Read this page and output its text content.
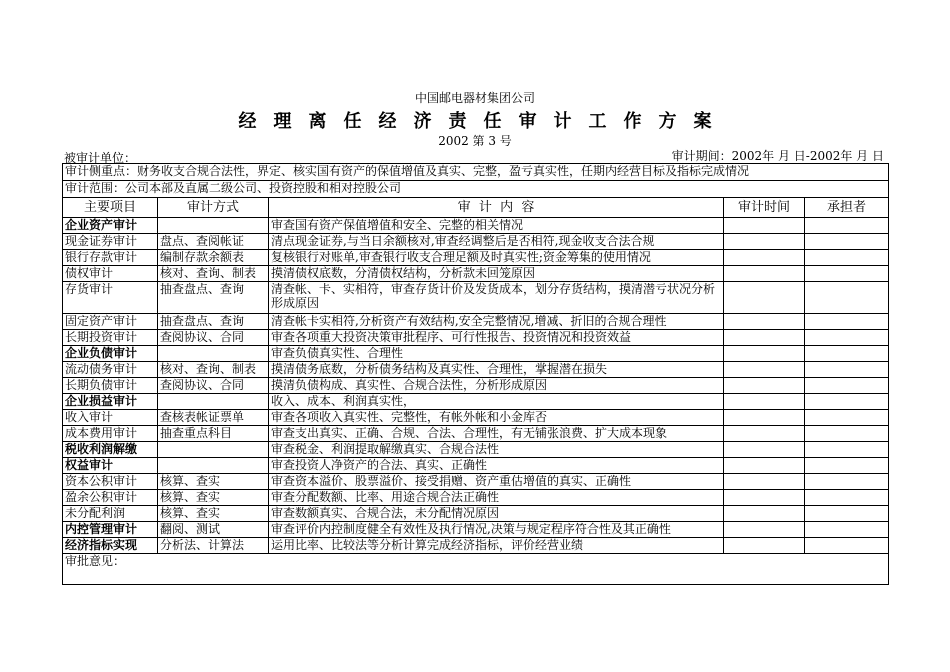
中国邮电器材集团公司
经理离任经济责任审计工作方案
2002 第 3 号
被审计单位：	审计期间：2002年 月 日-2002年 月 日
审计侧重点：财务收支合规合法性，界定、核实国有资产的保值增值及真实、完整，盈亏真实性，任期内经营目标及指标完成情况				
审计范围：公司本部及直属二级公司、投资控股和相对控股公司				
主要项目	审计方式	审  计  内  容	审计时间	承担者
企业资产审计		审查国有资产保值增值和安全、完整的相关情况		
现金证券审计	盘点、查阅帐证	清点现金证券,与当日余额核对,审查经调整后是否相符,现金收支合法合规		
银行存款审计	编制存款余额表	复核银行对账单,审查银行收支合理足额及时真实性;资金筹集的使用情况		
债权审计	核对、查询、制表	摸清债权底数，分清债权结构，分析款未回笼原因		
存货审计	抽查盘点、查询	清查帐、卡、实相符，审查存货计价及发货成本，划分存货结构，摸清潜亏状况分析形成原因		
固定资产审计	抽查盘点、查询	清查帐卡实相符,分析资产有效结构,安全完整情况,增减、折旧的合规合理性		
长期投资审计	查阅协议、合同	审查各项重大投资决策审批程序、可行性报告、投资情况和投资效益		
企业负债审计		审查负债真实性、合理性		
流动债务审计	核对、查询、制表	摸清债务底数，分析债务结构及真实性、合理性，掌握潜在损失		
长期负债审计	查阅协议、合同	摸清负债构成、真实性、合规合法性，分析形成原因		
企业损益审计		收入、成本、利润真实性，		
收入审计	查核表帐证票单	审查各项收入真实性、完整性，有帐外帐和小金库否		
成本费用审计	抽查重点科目	审查支出真实、正确、合规、合法、合理性，有无铺张浪费、扩大成本现象		
税收利润解缴		审查税金、利润提取解缴真实、合规合法性		
权益审计		审查投资人净资产的合法、真实、正确性		
资本公积审计	核算、查实	审查资本溢价、股票溢价、接受捐赠、资产重估增值的真实、正确性		
盈余公积审计	核算、查实	审查分配数额、比率、用途合规合法正确性		
未分配利润	核算、查实	审查数额真实、合规合法，未分配情况原因		
内控管理审计	翻阅、测试	审查评价内控制度健全有效性及执行情况,决策与规定程序符合性及其正确性		
经济指标实现	分析法、计算法	运用比率、比较法等分析计算完成经济指标，评价经营业绩		
审批意见：				
